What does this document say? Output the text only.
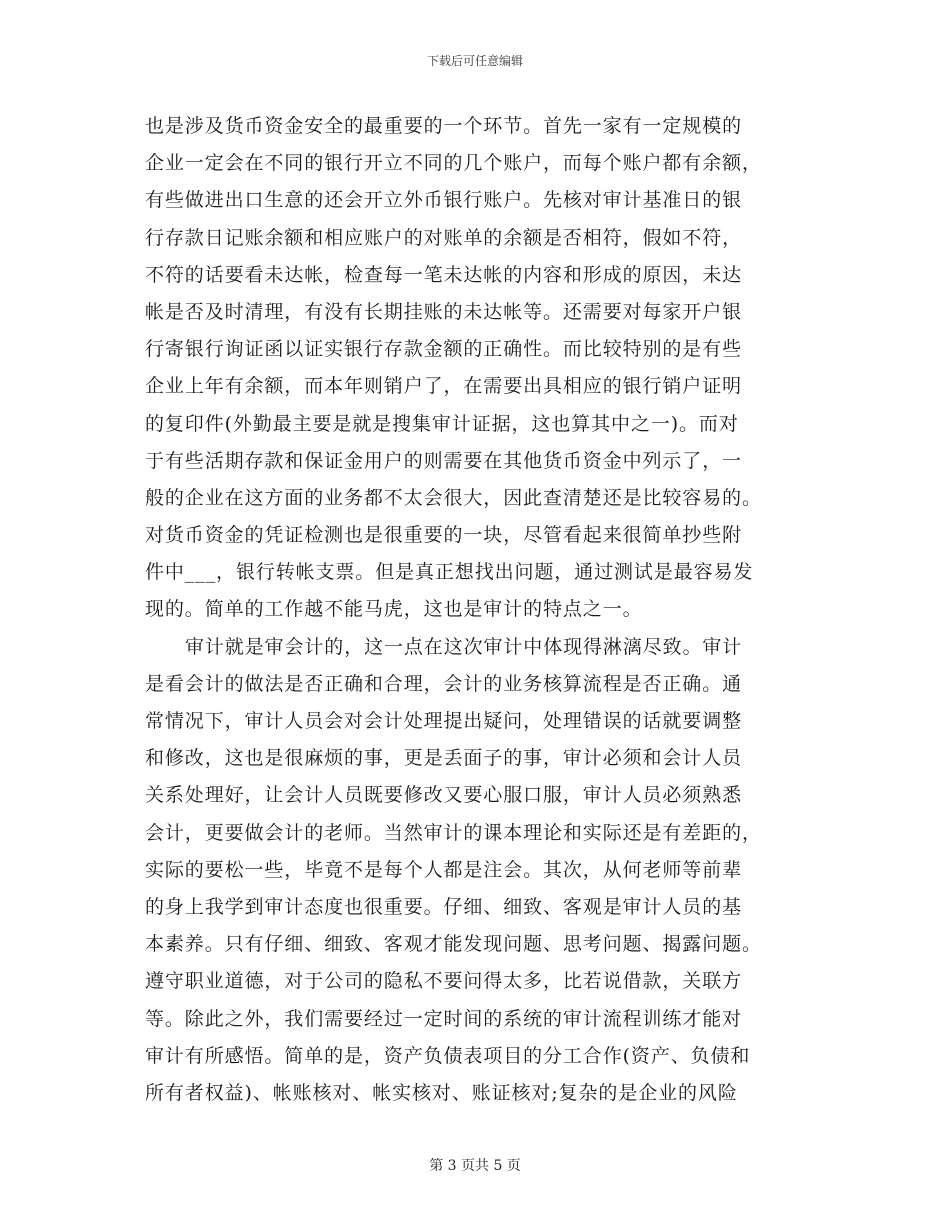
下载后可任意编辑
也是涉及货币资金安全的最重要的一个环节。首先一家有一定规模的
企业一定会在不同的银行开立不同的几个账户，而每个账户都有余额，
有些做进出口生意的还会开立外币银行账户。先核对审计基准日的银
行存款日记账余额和相应账户的对账单的余额是否相符，假如不符，
不符的话要看未达帐，检查每一笔未达帐的内容和形成的原因，未达
帐是否及时清理，有没有长期挂账的未达帐等。还需要对每家开户银
行寄银行询证函以证实银行存款金额的正确性。而比较特别的是有些
企业上年有余额，而本年则销户了，在需要出具相应的银行销户证明
的复印件(外勤最主要是就是搜集审计证据，这也算其中之一)。而对
于有些活期存款和保证金用户的则需要在其他货币资金中列示了，一
般的企业在这方面的业务都不太会很大，因此查清楚还是比较容易的。
对货币资金的凭证检测也是很重要的一块，尽管看起来很简单抄些附
件中___，银行转帐支票。但是真正想找出问题，通过测试是最容易发
现的。简单的工作越不能马虎，这也是审计的特点之一。
审计就是审会计的，这一点在这次审计中体现得淋漓尽致。审计
是看会计的做法是否正确和合理，会计的业务核算流程是否正确。通
常情况下，审计人员会对会计处理提出疑问，处理错误的话就要调整
和修改，这也是很麻烦的事，更是丢面子的事，审计必须和会计人员
关系处理好，让会计人员既要修改又要心服口服，审计人员必须熟悉
会计，更要做会计的老师。当然审计的课本理论和实际还是有差距的，
实际的要松一些，毕竟不是每个人都是注会。其次，从何老师等前辈
的身上我学到审计态度也很重要。仔细、细致、客观是审计人员的基
本素养。只有仔细、细致、客观才能发现问题、思考问题、揭露问题。
遵守职业道德，对于公司的隐私不要问得太多，比若说借款，关联方
等。除此之外，我们需要经过一定时间的系统的审计流程训练才能对
审计有所感悟。简单的是，资产负债表项目的分工合作(资产、负债和
所有者权益)、帐账核对、帐实核对、账证核对;复杂的是企业的风险
第 3 页共 5 页
